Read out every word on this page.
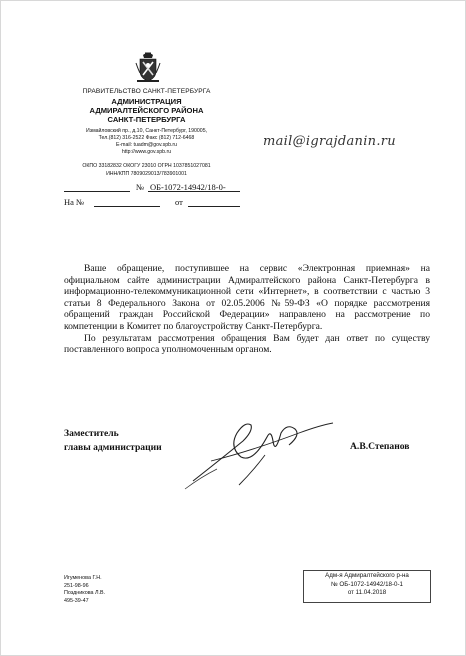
ПРАВИТЕЛЬСТВО САНКТ-ПЕТЕРБУРГА
АДМИНИСТРАЦИЯ
АДМИРАЛТЕЙСКОГО РАЙОНА
САНКТ-ПЕТЕРБУРГА
Измайловский пр., д.10, Санкт-Петербург, 190005,
Тел.(812) 316-2522 Факс (812) 712-6468
E-mail: tuadm@gov.spb.ru
http://www.gov.spb.ru
ОКПО 33182832 ОКОГУ 23010 ОГРН 1037851027081
ИНН/КПП 7809029013/783901001
mail@igrajdanin.ru
№ ОБ-1072-14942/18-0-
На №	от

Ваше обращение, поступившее на сервис «Электронная приемная» на официальном сайте администрации Адмиралтейского района Санкт-Петербурга в информационно-телекоммуникационной сети «Интернет», в соответствии с частью 3 статьи 8 Федерального Закона от 02.05.2006 №59-ФЗ «О порядке рассмотрения обращений граждан Российской Федерации» направлено на рассмотрение по компетенции в Комитет по благоустройству Санкт-Петербурга.

По результатам рассмотрения обращения Вам будет дан ответ по существу поставленного вопроса уполномоченным органом.

Заместитель
главы администрации	А.В.Степанов
Игуменова Г.Н.
251-98-96
Поздникова Л.В.
495-39-47
Адм-я Адмиралтейского р-на
№ ОБ-1072-14942/18-0-1
от 11.04.2018
